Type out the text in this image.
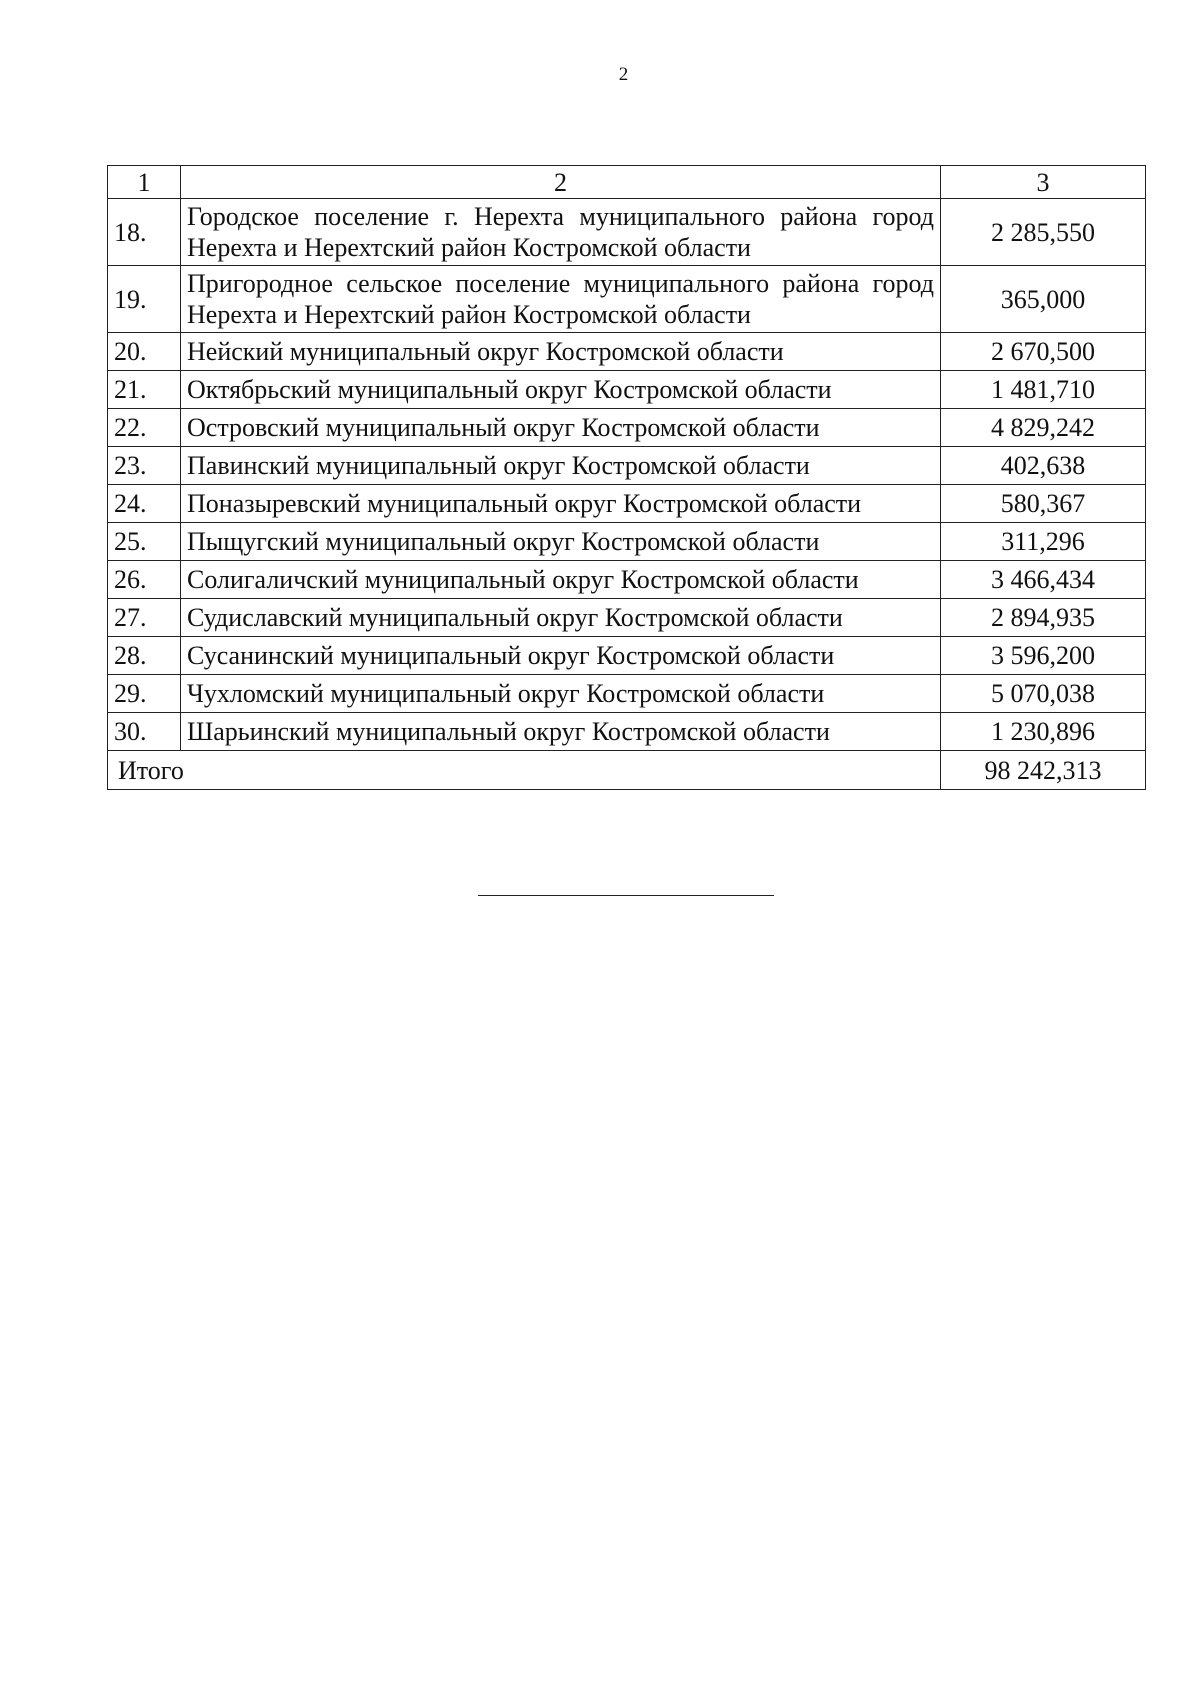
2
1	2	3
18.	Городское поселение г. Нерехта муниципального района город Нерехта и Нерехтский район Костромской области	2 285,550
19.	Пригородное сельское поселение муниципального района город Нерехта и Нерехтский район Костромской области	365,000
20.	Нейский муниципальный округ Костромской области	2 670,500
21.	Октябрьский муниципальный округ Костромской области	1 481,710
22.	Островский муниципальный округ Костромской области	4 829,242
23.	Павинский муниципальный округ Костромской области	402,638
24.	Поназыревский муниципальный округ Костромской области	580,367
25.	Пыщугский муниципальный округ Костромской области	311,296
26.	Солигаличский муниципальный округ Костромской области	3 466,434
27.	Судиславский муниципальный округ Костромской области	2 894,935
28.	Сусанинский муниципальный округ Костромской области	3 596,200
29.	Чухломский муниципальный округ Костромской области	5 070,038
30.	Шарьинский муниципальный округ Костромской области	1 230,896
Итого		98 242,313
